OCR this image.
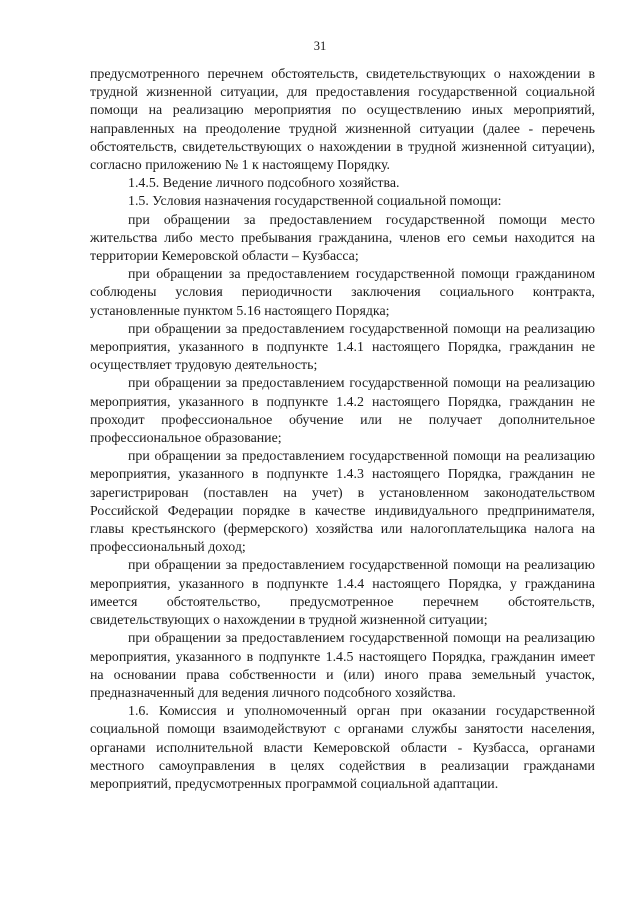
31

предусмотренного перечнем обстоятельств, свидетельствующих о нахождении в трудной жизненной ситуации, для предоставления государственной социальной помощи на реализацию мероприятия по осуществлению иных мероприятий, направленных на преодоление трудной жизненной ситуации (далее - перечень обстоятельств, свидетельствующих о нахождении в трудной жизненной ситуации), согласно приложению № 1 к настоящему Порядку.

1.4.5. Ведение личного подсобного хозяйства.

1.5. Условия назначения государственной социальной помощи:

при обращении за предоставлением государственной помощи место жительства либо место пребывания гражданина, членов его семьи находится на территории Кемеровской области – Кузбасса;

при обращении за предоставлением государственной помощи гражданином соблюдены условия периодичности заключения социального контракта, установленные пунктом 5.16 настоящего Порядка;

при обращении за предоставлением государственной помощи на реализацию мероприятия, указанного в подпункте 1.4.1 настоящего Порядка, гражданин не осуществляет трудовую деятельность;

при обращении за предоставлением государственной помощи на реализацию мероприятия, указанного в подпункте 1.4.2 настоящего Порядка, гражданин не проходит профессиональное обучение или не получает дополнительное профессиональное образование;

при обращении за предоставлением государственной помощи на реализацию мероприятия, указанного в подпункте 1.4.3 настоящего Порядка, гражданин не зарегистрирован (поставлен на учет) в установленном законодательством Российской Федерации порядке в качестве индивидуального предпринимателя, главы крестьянского (фермерского) хозяйства или налогоплательщика налога на профессиональный доход;

при обращении за предоставлением государственной помощи на реализацию мероприятия, указанного в подпункте 1.4.4 настоящего Порядка, у гражданина имеется обстоятельство, предусмотренное перечнем обстоятельств, свидетельствующих о нахождении в трудной жизненной ситуации;

при обращении за предоставлением государственной помощи на реализацию мероприятия, указанного в подпункте 1.4.5 настоящего Порядка, гражданин имеет на основании права собственности и (или) иного права земельный участок, предназначенный для ведения личного подсобного хозяйства.

1.6. Комиссия и уполномоченный орган при оказании государственной социальной помощи взаимодействуют с органами службы занятости населения, органами исполнительной власти Кемеровской области - Кузбасса, органами местного самоуправления в целях содействия в реализации гражданами мероприятий, предусмотренных программой социальной адаптации.
